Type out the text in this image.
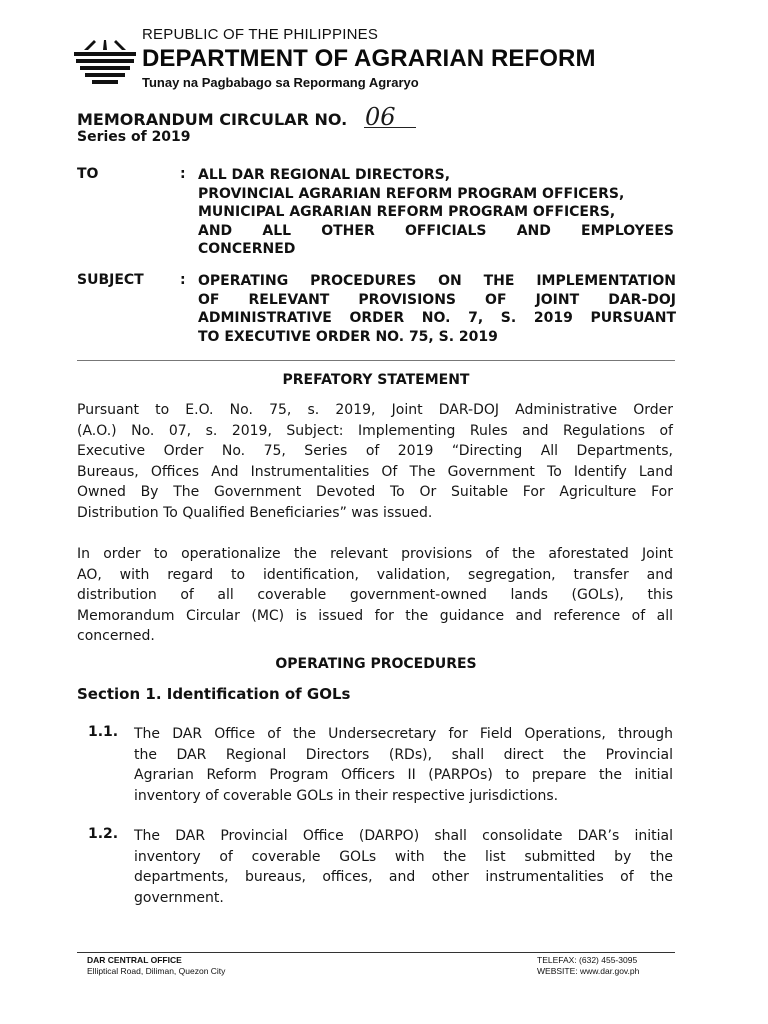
REPUBLIC OF THE PHILIPPINES
DEPARTMENT OF AGRARIAN REFORM
Tunay na Pagbabago sa Repormang Agraryo
MEMORANDUM CIRCULAR NO. 06
Series of 2019
TO	: ALL DAR REGIONAL DIRECTORS,
PROVINCIAL AGRARIAN REFORM PROGRAM OFFICERS,
MUNICIPAL AGRARIAN REFORM PROGRAM OFFICERS,
AND ALL OTHER OFFICIALS AND EMPLOYEES
CONCERNED
SUBJECT	: OPERATING PROCEDURES ON THE IMPLEMENTATION
OF RELEVANT PROVISIONS OF JOINT DAR-DOJ
ADMINISTRATIVE ORDER NO. 7, S. 2019 PURSUANT
TO EXECUTIVE ORDER NO. 75, S. 2019
PREFATORY STATEMENT
Pursuant to E.O. No. 75, s. 2019, Joint DAR-DOJ Administrative Order
(A.O.) No. 07, s. 2019, Subject: Implementing Rules and Regulations of
Executive Order No. 75, Series of 2019 “Directing All Departments,
Bureaus, Offices And Instrumentalities Of The Government To Identify Land
Owned By The Government Devoted To Or Suitable For Agriculture For
Distribution To Qualified Beneficiaries” was issued.
In order to operationalize the relevant provisions of the aforestated Joint
AO, with regard to identification, validation, segregation, transfer and
distribution of all coverable government-owned lands (GOLs), this
Memorandum Circular (MC) is issued for the guidance and reference of all
concerned.
OPERATING PROCEDURES
Section 1. Identification of GOLs
1.1. The DAR Office of the Undersecretary for Field Operations, through
the DAR Regional Directors (RDs), shall direct the Provincial
Agrarian Reform Program Officers II (PARPOs) to prepare the initial
inventory of coverable GOLs in their respective jurisdictions.
1.2. The DAR Provincial Office (DARPO) shall consolidate DAR’s initial
inventory of coverable GOLs with the list submitted by the
departments, bureaus, offices, and other instrumentalities of the
government.
DAR CENTRAL OFFICE
Elliptical Road, Diliman, Quezon City
TELEFAX: (632) 455-3095
WEBSITE: www.dar.gov.ph
